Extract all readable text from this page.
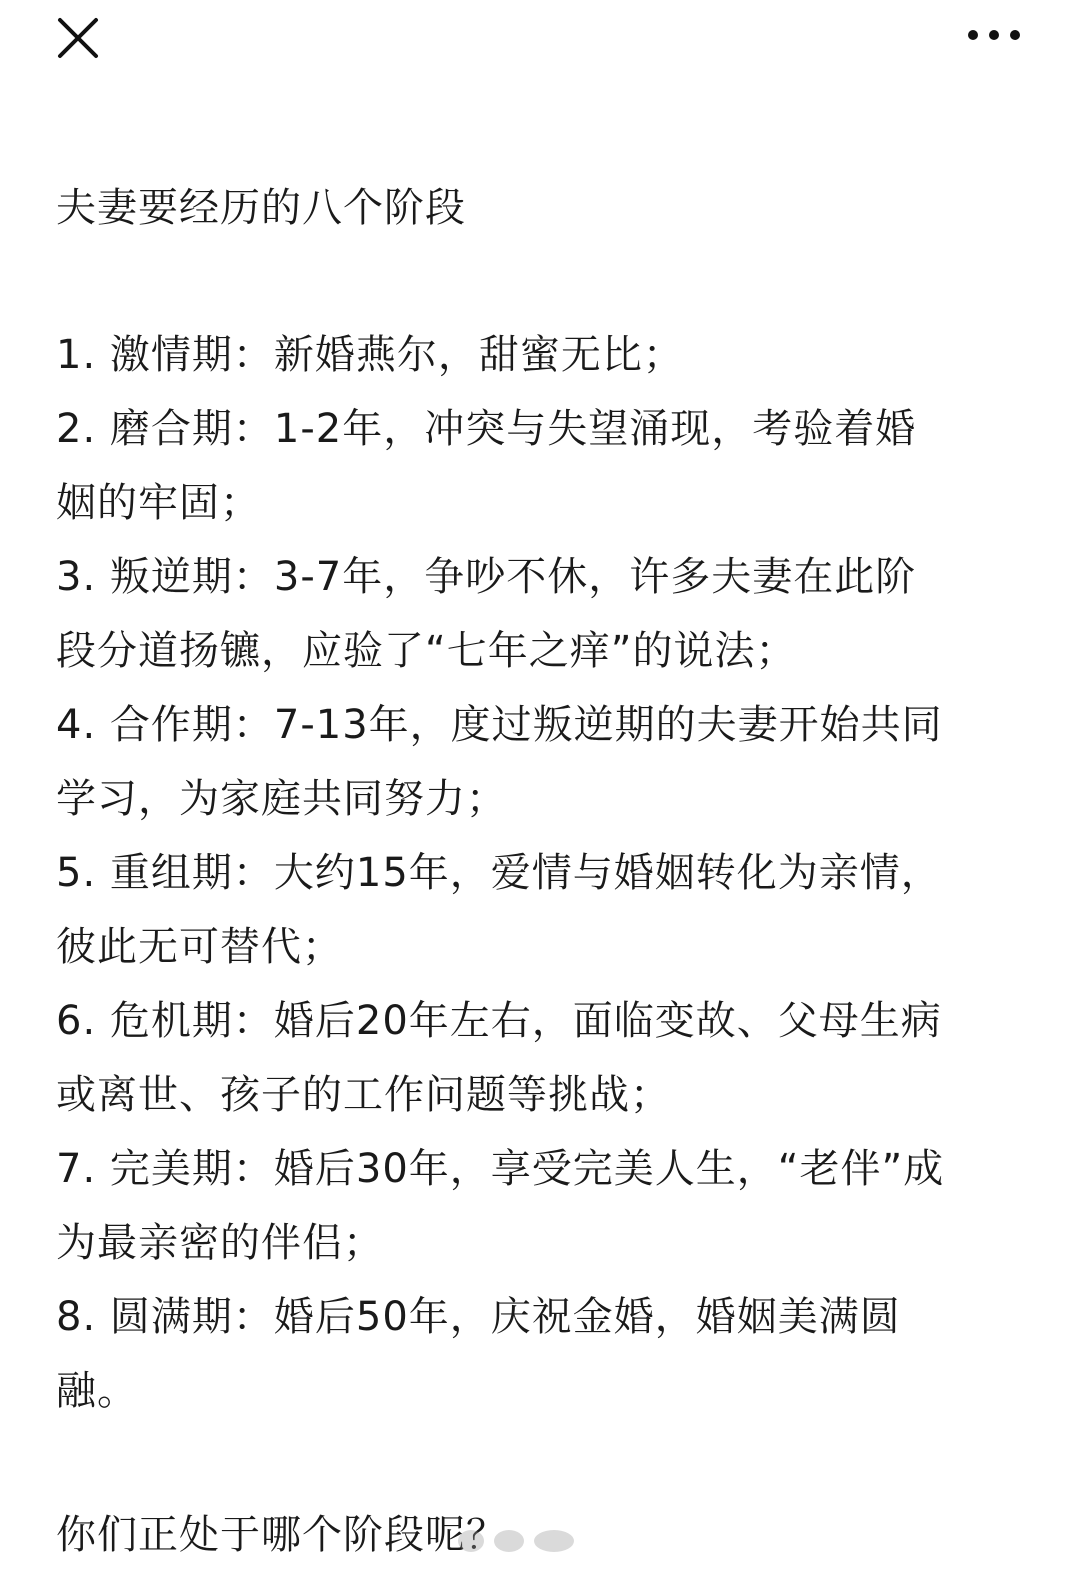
夫妻要经历的八个阶段
1. 激情期：新婚燕尔，甜蜜无比；
2. 磨合期：1-2年，冲突与失望涌现，考验着婚
姻的牢固；
3. 叛逆期：3-7年，争吵不休，许多夫妻在此阶
段分道扬镳，应验了“七年之痒”的说法；
4. 合作期：7-13年，度过叛逆期的夫妻开始共同
学习，为家庭共同努力；
5. 重组期：大约15年，爱情与婚姻转化为亲情，
彼此无可替代；
6. 危机期：婚后20年左右，面临变故、父母生病
或离世、孩子的工作问题等挑战；
7. 完美期：婚后30年，享受完美人生，“老伴”成
为最亲密的伴侣；
8. 圆满期：婚后50年，庆祝金婚，婚姻美满圆
融。
你们正处于哪个阶段呢？
